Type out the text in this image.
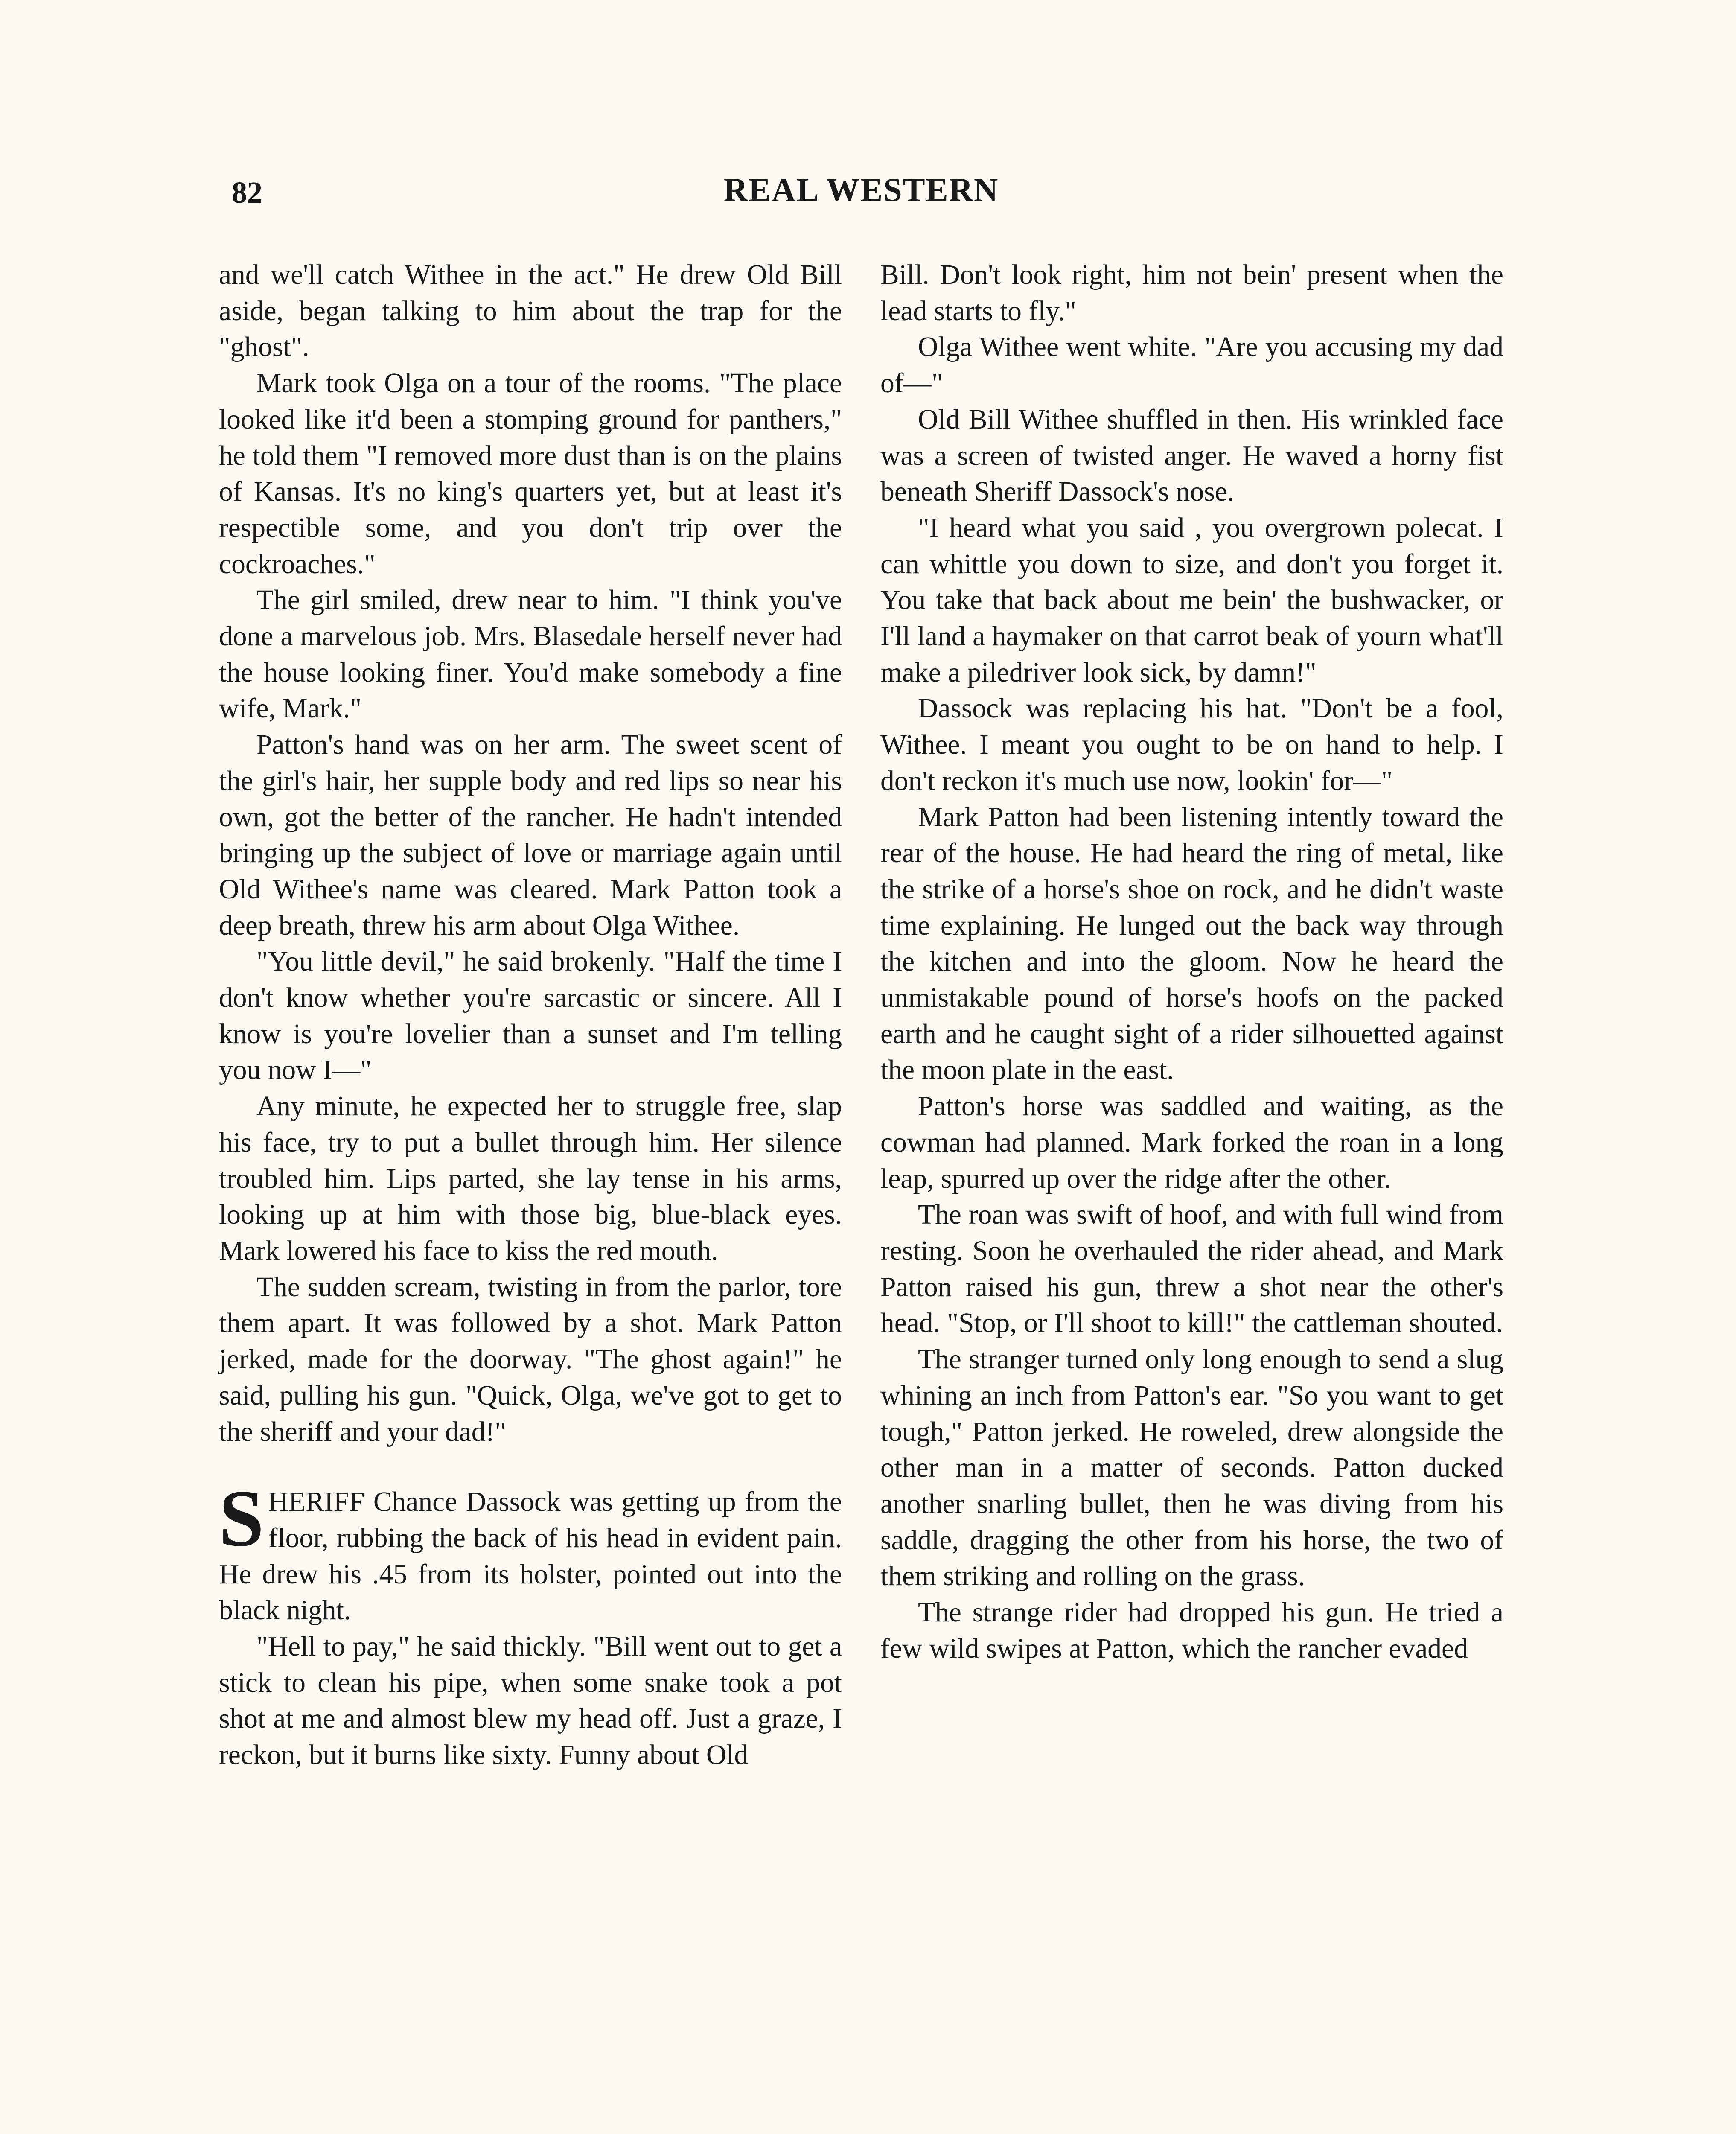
82	REAL WESTERN

and we'll catch Withee in the act." He drew Old Bill aside, began talking to him about the trap for the "ghost".

Mark took Olga on a tour of the rooms. "The place looked like it'd been a stomping ground for panthers," he told them "I removed more dust than is on the plains of Kansas. It's no king's quarters yet, but at least it's respectible some, and you don't trip over the cockroaches."

The girl smiled, drew near to him. "I think you've done a marvelous job. Mrs. Blasedale herself never had the house looking finer. You'd make somebody a fine wife, Mark."

Patton's hand was on her arm. The sweet scent of the girl's hair, her supple body and red lips so near his own, got the better of the rancher. He hadn't intended bringing up the subject of love or marriage again until Old Withee's name was cleared. Mark Patton took a deep breath, threw his arm about Olga Withee.

"You little devil," he said brokenly. "Half the time I don't know whether you're sarcastic or sincere. All I know is you're lovelier than a sunset and I'm telling you now I—"

Any minute, he expected her to struggle free, slap his face, try to put a bullet through him. Her silence troubled him. Lips parted, she lay tense in his arms, looking up at him with those big, blue-black eyes. Mark lowered his face to kiss the red mouth.

The sudden scream, twisting in from the parlor, tore them apart. It was followed by a shot. Mark Patton jerked, made for the doorway. "The ghost again!" he said, pulling his gun. "Quick, Olga, we've got to get to the sheriff and your dad!"

SHERIFF Chance Dassock was getting up from the floor, rubbing the back of his head in evident pain. He drew his .45 from its holster, pointed out into the black night.

"Hell to pay," he said thickly. "Bill went out to get a stick to clean his pipe, when some snake took a pot shot at me and almost blew my head off. Just a graze, I reckon, but it burns like sixty. Funny about Old

Bill. Don't look right, him not bein' present when the lead starts to fly."

Olga Withee went white. "Are you accusing my dad of—"

Old Bill Withee shuffled in then. His wrinkled face was a screen of twisted anger. He waved a horny fist beneath Sheriff Dassock's nose.

"I heard what you said , you overgrown polecat. I can whittle you down to size, and don't you forget it. You take that back about me bein' the bushwacker, or I'll land a haymaker on that carrot beak of yourn what'll make a piledriver look sick, by damn!"

Dassock was replacing his hat. "Don't be a fool, Withee. I meant you ought to be on hand to help. I don't reckon it's much use now, lookin' for—"

Mark Patton had been listening intently toward the rear of the house. He had heard the ring of metal, like the strike of a horse's shoe on rock, and he didn't waste time explaining. He lunged out the back way through the kitchen and into the gloom. Now he heard the unmistakable pound of horse's hoofs on the packed earth and he caught sight of a rider silhouetted against the moon plate in the east.

Patton's horse was saddled and waiting, as the cowman had planned. Mark forked the roan in a long leap, spurred up over the ridge after the other.

The roan was swift of hoof, and with full wind from resting. Soon he overhauled the rider ahead, and Mark Patton raised his gun, threw a shot near the other's head. "Stop, or I'll shoot to kill!" the cattleman shouted.

The stranger turned only long enough to send a slug whining an inch from Patton's ear. "So you want to get tough," Patton jerked. He roweled, drew alongside the other man in a matter of seconds. Patton ducked another snarling bullet, then he was diving from his saddle, dragging the other from his horse, the two of them striking and rolling on the grass.

The strange rider had dropped his gun. He tried a few wild swipes at Patton, which the rancher evaded
